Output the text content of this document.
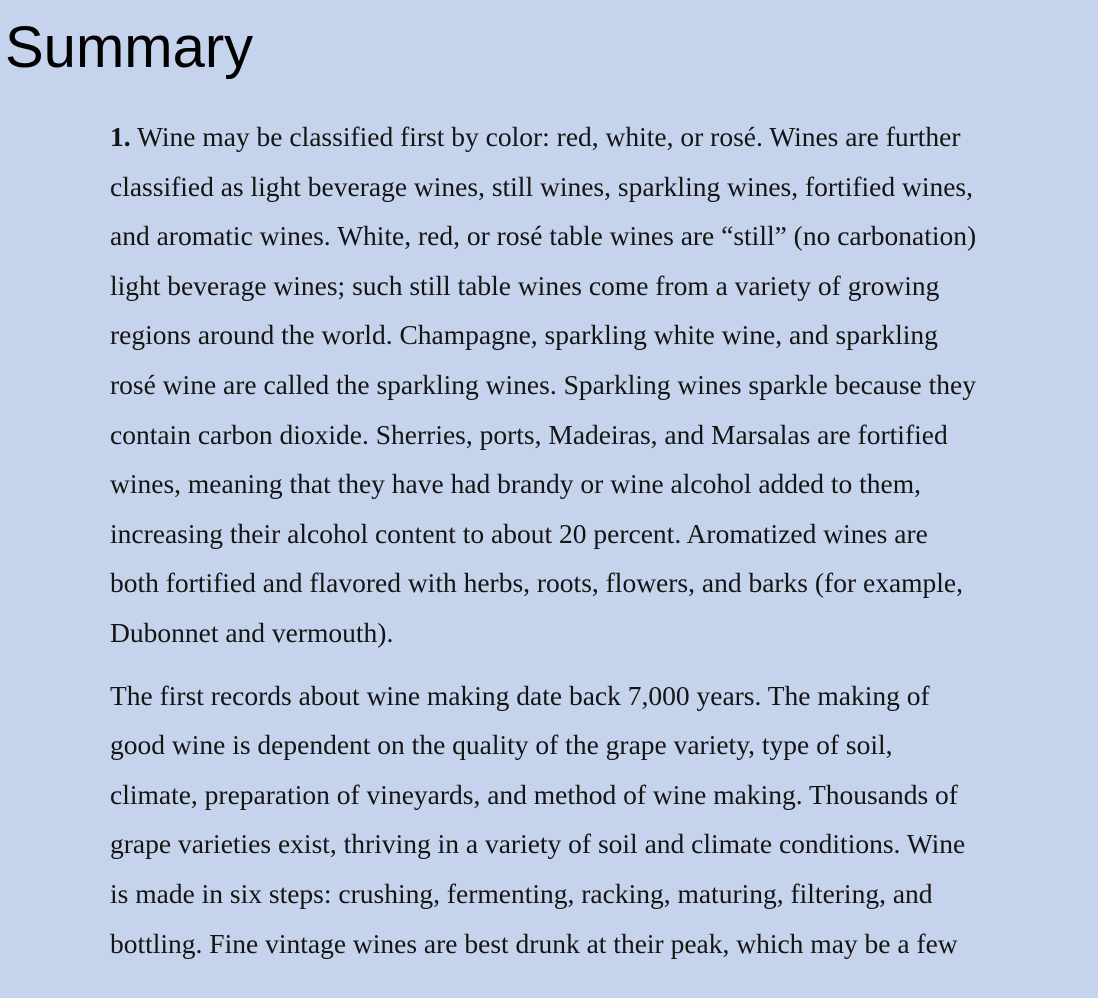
Summary

1. Wine may be classified first by color: red, white, or rosé. Wines are further
classified as light beverage wines, still wines, sparkling wines, fortified wines,
and aromatic wines. White, red, or rosé table wines are “still” (no carbonation)
light beverage wines; such still table wines come from a variety of growing
regions around the world. Champagne, sparkling white wine, and sparkling
rosé wine are called the sparkling wines. Sparkling wines sparkle because they
contain carbon dioxide. Sherries, ports, Madeiras, and Marsalas are fortified
wines, meaning that they have had brandy or wine alcohol added to them,
increasing their alcohol content to about 20 percent. Aromatized wines are
both fortified and flavored with herbs, roots, flowers, and barks (for example,
Dubonnet and vermouth).

The first records about wine making date back 7,000 years. The making of
good wine is dependent on the quality of the grape variety, type of soil,
climate, preparation of vineyards, and method of wine making. Thousands of
grape varieties exist, thriving in a variety of soil and climate conditions. Wine
is made in six steps: crushing, fermenting, racking, maturing, filtering, and
bottling. Fine vintage wines are best drunk at their peak, which may be a few
